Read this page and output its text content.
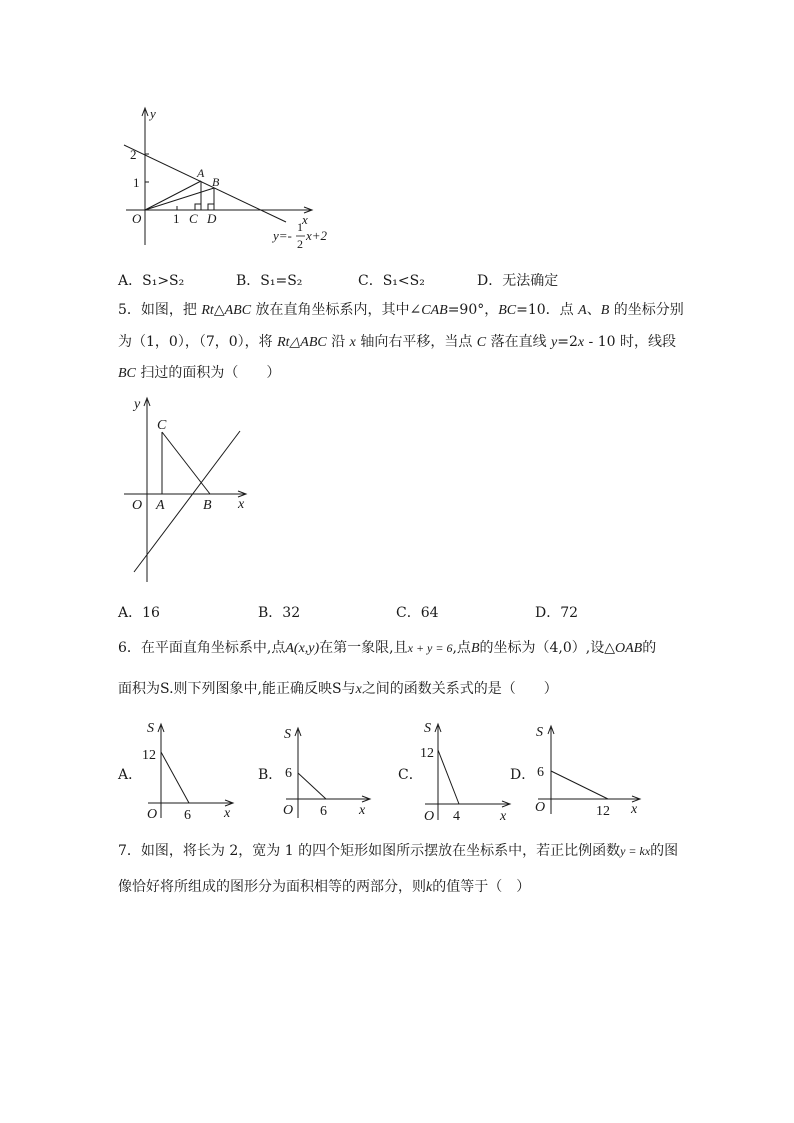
y
x
O
2
1
1
A
B
C D
y=-
1
2
x+2
A．S₁>S₂	B．S₁=S₂	C．S₁<S₂	D．无法确定
5．如图，把 Rt△ABC 放在直角坐标系内，其中∠CAB=90°，BC=10．点 A、B 的坐标分别
为（1，0），（7，0），将 Rt△ABC 沿 x 轴向右平移，当点 C 落在直线 y=2x - 10 时，线段
BC 扫过的面积为（　　）
y
x
O A	B
C
A．16	B．32	C．64	D．72
6．在平面直角坐标系中,点A(x,y)在第一象限,且x + y = 6,点B的坐标为（4,0）,设△OAB的
面积为S.则下列图象中,能正确反映S与x之间的函数关系式的是（　　）
A．
S
12
O 6 x
B．
S
6
O 6 x
C．
S
12
O 4	x
D．
S
6
O	12 x
7．如图，将长为 2，宽为 1 的四个矩形如图所示摆放在坐标系中，若正比例函数y = kx的图
像恰好将所组成的图形分为面积相等的两部分，则k的值等于（　）
